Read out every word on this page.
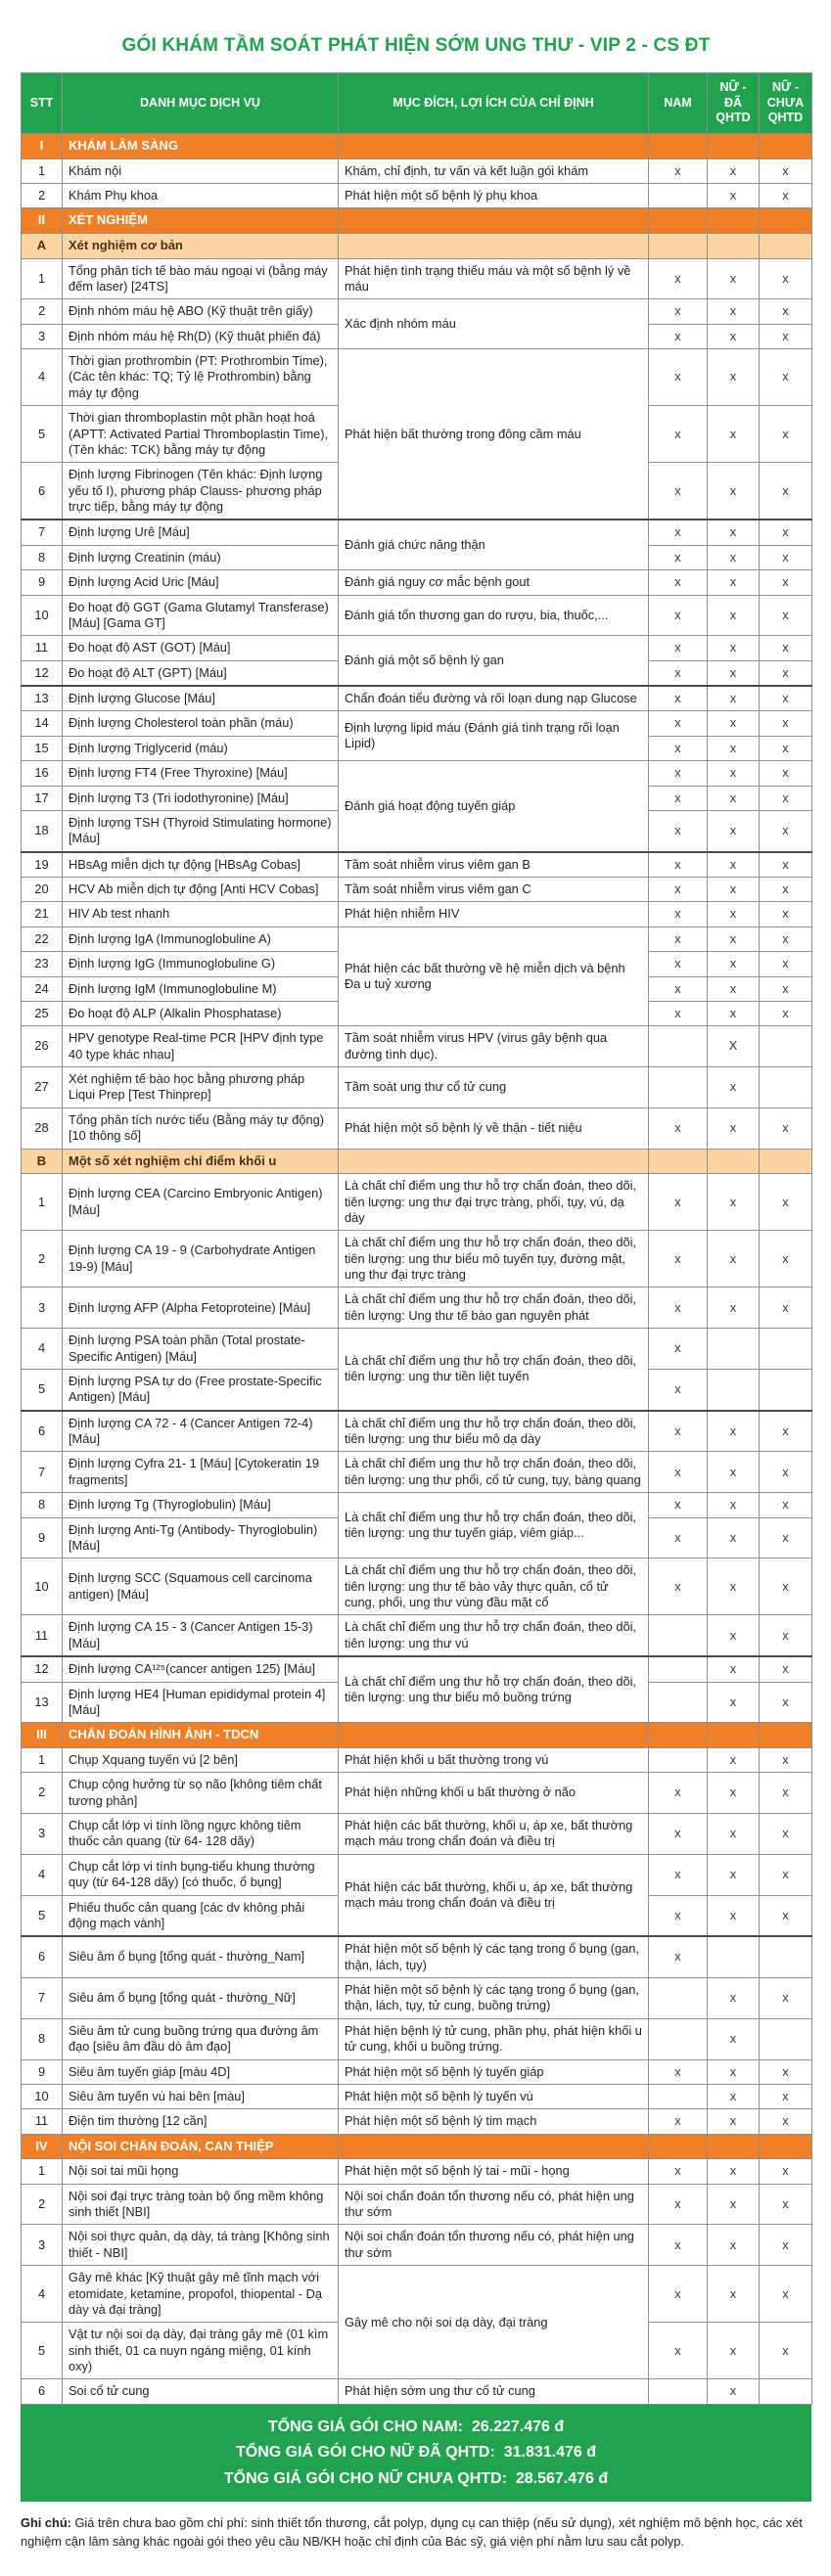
GÓI KHÁM TẦM SOÁT PHÁT HIỆN SỚM UNG THƯ - VIP 2 - CS ĐT
STT	DANH MỤC DỊCH VỤ	MỤC ĐÍCH, LỢI ÍCH CỦA CHỈ ĐỊNH	NAM	NỮ - ĐÃ QHTD	NỮ - CHƯA QHTD
I	KHÁM LÂM SÀNG				
1	Khám nội	Khám, chỉ định, tư vấn và kết luận gói khám	x	x	x
2	Khám Phụ khoa	Phát hiện một số bệnh lý phụ khoa		x	x
II	XÉT NGHIỆM				
A	Xét nghiệm cơ bản				
1	Tổng phân tích tế bào máu ngoại vi (bằng máy đếm laser) [24TS]	Phát hiện tình trạng thiếu máu và một số bệnh lý về máu	x	x	x
2	Định nhóm máu hệ ABO (Kỹ thuật trên giấy)	Xác định nhóm máu	x	x	x
3	Định nhóm máu hệ Rh(D) (Kỹ thuật phiến đá)		x	x	x
4	Thời gian prothrombin (PT: Prothrombin Time), (Các tên khác: TQ; Tỷ lệ Prothrombin) bằng máy tự động	Phát hiện bất thường trong đông cầm máu	x	x	x
5	Thời gian thromboplastin một phần hoạt hoá (APTT: Activated Partial Thromboplastin Time), (Tên khác: TCK) bằng máy tự động		x	x	x
6	Định lượng Fibrinogen (Tên khác: Định lượng yếu tố I), phương pháp Clauss- phương pháp trực tiếp, bằng máy tự động		x	x	x
7	Định lượng Urê [Máu]	Đánh giá chức năng thận	x	x	x
8	Định lượng Creatinin (máu)		x	x	x
9	Định lượng Acid Uric [Máu]	Đánh giá nguy cơ mắc bệnh gout	x	x	x
10	Đo hoạt độ GGT (Gama Glutamyl Transferase) [Máu] [Gama GT]	Đánh giá tổn thương gan do rượu, bia, thuốc,...	x	x	x
11	Đo hoạt độ AST (GOT) [Máu]	Đánh giá một số bệnh lý gan	x	x	x
12	Đo hoạt độ ALT (GPT) [Máu]		x	x	x
13	Định lượng Glucose [Máu]	Chẩn đoán tiểu đường và rối loạn dung nạp Glucose	x	x	x
14	Định lượng Cholesterol toàn phần (máu)	Định lượng lipid máu (Đánh giá tình trạng rối loạn Lipid)	x	x	x
15	Định lượng Triglycerid (máu)		x	x	x
16	Định lượng FT4 (Free Thyroxine) [Máu]	Đánh giá hoạt động tuyến giáp	x	x	x
17	Định lượng T3 (Tri iodothyronine) [Máu]		x	x	x
18	Định lượng TSH (Thyroid Stimulating hormone) [Máu]		x	x	x
19	HBsAg miễn dịch tự động [HBsAg Cobas]	Tầm soát nhiễm virus viêm gan B	x	x	x
20	HCV Ab miễn dịch tự động [Anti HCV Cobas]	Tầm soát nhiễm virus viêm gan C	x	x	x
21	HIV Ab test nhanh	Phát hiện nhiễm HIV	x	x	x
22	Định lượng IgA (Immunoglobuline A)	Phát hiện các bất thường về hệ miễn dịch và bệnh Đa u tuỷ xương	x	x	x
23	Định lượng IgG (Immunoglobuline G)		x	x	x
24	Định lượng IgM (Immunoglobuline M)		x	x	x
25	Đo hoạt độ ALP (Alkalin Phosphatase)		x	x	x
26	HPV genotype Real-time PCR [HPV định type 40 type khác nhau]	Tầm soát nhiễm virus HPV (virus gây bệnh qua đường tình dục).		X	
27	Xét nghiệm tế bào học bằng phương pháp Liqui Prep [Test Thinprep]	Tầm soát ung thư cổ tử cung		x	
28	Tổng phân tích nước tiểu (Bằng máy tự động) [10 thông số]	Phát hiện một số bệnh lý về thận - tiết niệu	x	x	x
B	Một số xét nghiệm chỉ điểm khối u				
1	Định lượng CEA (Carcino Embryonic Antigen) [Máu]	Là chất chỉ điểm ung thư hỗ trợ chẩn đoán, theo dõi, tiên lượng: ung thư đại trực tràng, phổi, tụy, vú, dạ dày	x	x	x
2	Định lượng CA 19 - 9 (Carbohydrate Antigen 19-9) [Máu]	Là chất chỉ điểm ung thư hỗ trợ chẩn đoán, theo dõi, tiên lượng: ung thư biểu mô tuyến tụy, đường mật, ung thư đại trực tràng	x	x	x
3	Định lượng AFP (Alpha Fetoproteine) [Máu]	Là chất chỉ điểm ung thư hỗ trợ chẩn đoán, theo dõi, tiên lượng: Ung thư tế bào gan nguyên phát	x	x	x
4	Định lượng PSA toàn phần (Total prostate-Specific Antigen) [Máu]	Là chất chỉ điểm ung thư hỗ trợ chẩn đoán, theo dõi, tiên lượng: ung thư tiền liệt tuyến	x		
5	Định lượng PSA tự do (Free prostate-Specific Antigen) [Máu]		x		
6	Định lượng CA 72 - 4 (Cancer Antigen 72-4) [Máu]	Là chất chỉ điểm ung thư hỗ trợ chẩn đoán, theo dõi, tiên lượng: ung thư biểu mô dạ dày	x	x	x
7	Định lượng Cyfra 21- 1 [Máu] [Cytokeratin 19 fragments]	Là chất chỉ điểm ung thư hỗ trợ chẩn đoán, theo dõi, tiên lượng: ung thư phổi, cổ tử cung, tụy, bàng quang	x	x	x
8	Định lượng Tg (Thyroglobulin) [Máu]	Là chất chỉ điểm ung thư hỗ trợ chẩn đoán, theo dõi, tiên lượng: ung thư tuyến giáp, viêm giáp...	x	x	x
9	Định lượng Anti-Tg (Antibody- Thyroglobulin) [Máu]		x	x	x
10	Định lượng SCC (Squamous cell carcinoma antigen) [Máu]	Là chất chỉ điểm ung thư hỗ trợ chẩn đoán, theo dõi, tiên lượng: ung thư tế bào vảy thực quản, cổ tử cung, phổi, ung thư vùng đầu mặt cổ	x	x	x
11	Định lượng CA 15 - 3 (Cancer Antigen 15-3) [Máu]	Là chất chỉ điểm ung thư hỗ trợ chẩn đoán, theo dõi, tiên lượng: ung thư vú		x	x
12	Định lượng CA¹²⁵(cancer antigen 125) [Máu]	Là chất chỉ điểm ung thư hỗ trợ chẩn đoán, theo dõi, tiên lượng: ung thư biểu mô buồng trứng		x	x
13	Định lượng HE4 [Human epididymal protein 4] [Máu]			x	x
III	CHẨN ĐOÁN HÌNH ẢNH - TDCN				
1	Chụp Xquang tuyến vú [2 bên]	Phát hiện khối u bất thường trong vú		x	x
2	Chụp cộng hưởng từ sọ não [không tiêm chất tương phản]	Phát hiện những khối u bất thường ở não	x	x	x
3	Chụp cắt lớp vi tính lồng ngực không tiêm thuốc cản quang (từ 64- 128 dãy)	Phát hiện các bất thường, khối u, áp xe, bất thường mạch máu trong chẩn đoán và điều trị	x	x	x
4	Chụp cắt lớp vi tính bụng-tiểu khung thường quy (từ 64-128 dãy) [có thuốc, ổ bụng]	Phát hiện các bất thường, khối u, áp xe, bất thường mạch máu trong chẩn đoán và điều trị	x	x	x
5	Phiếu thuốc cản quang [các dv không phải động mạch vành]		x	x	x
6	Siêu âm ổ bụng [tổng quát - thường_Nam]	Phát hiện một số bệnh lý các tạng trong ổ bụng (gan, thận, lách, tụy)	x		
7	Siêu âm ổ bụng [tổng quát - thường_Nữ]	Phát hiện một số bệnh lý các tạng trong ổ bụng (gan, thận, lách, tụy, tử cung, buồng trứng)		x	x
8	Siêu âm tử cung buồng trứng qua đường âm đạo [siêu âm đầu dò âm đạo]	Phát hiện bệnh lý tử cung, phần phụ, phát hiện khối u tử cung, khối u buồng trứng.		x	
9	Siêu âm tuyến giáp [màu 4D]	Phát hiện một số bệnh lý tuyến giáp	x	x	x
10	Siêu âm tuyến vú hai bên [màu]	Phát hiện một số bệnh lý tuyến vú		x	x
11	Điện tim thường [12 cần]	Phát hiện một số bệnh lý tim mạch	x	x	x
IV	NỘI SOI CHẨN ĐOÁN, CAN THIỆP				
1	Nội soi tai mũi họng	Phát hiện một số bệnh lý tai - mũi - họng	x	x	x
2	Nội soi đại trực tràng toàn bộ ống mềm không sinh thiết [NBI]	Nội soi chẩn đoán tổn thương nếu có, phát hiện ung thư sớm	x	x	x
3	Nội soi thực quản, dạ dày, tá tràng [Không sinh thiết - NBI]	Nội soi chẩn đoán tổn thương nếu có, phát hiện ung thư sớm	x	x	x
4	Gây mê khác [Kỹ thuật gây mê tĩnh mạch với etomidate, ketamine, propofol, thiopental - Dạ dày và đại tràng]	Gây mê cho nội soi dạ dày, đại tràng	x	x	x
5	Vật tư nội soi dạ dày, đại tràng gây mê (01 kìm sinh thiết, 01 ca nuyn ngáng miệng, 01 kính oxy)		x	x	x
6	Soi cổ tử cung	Phát hiện sớm ung thư cổ tử cung		x	
TỔNG GIÁ GÓI CHO NAM:  26.227.476 đ
TỔNG GIÁ GÓI CHO NỮ ĐÃ QHTD:  31.831.476 đ
TỔNG GIÁ GÓI CHO NỮ CHƯA QHTD:  28.567.476 đ

Ghi chú: Giá trên chưa bao gồm chi phí: sinh thiết tổn thương, cắt polyp, dụng cụ can thiệp (nếu sử dụng), xét nghiệm mô bệnh học, các xét nghiệm cận lâm sàng khác ngoài gói theo yêu cầu NB/KH hoặc chỉ định của Bác sỹ, giá viện phí nằm lưu sau cắt polyp.
